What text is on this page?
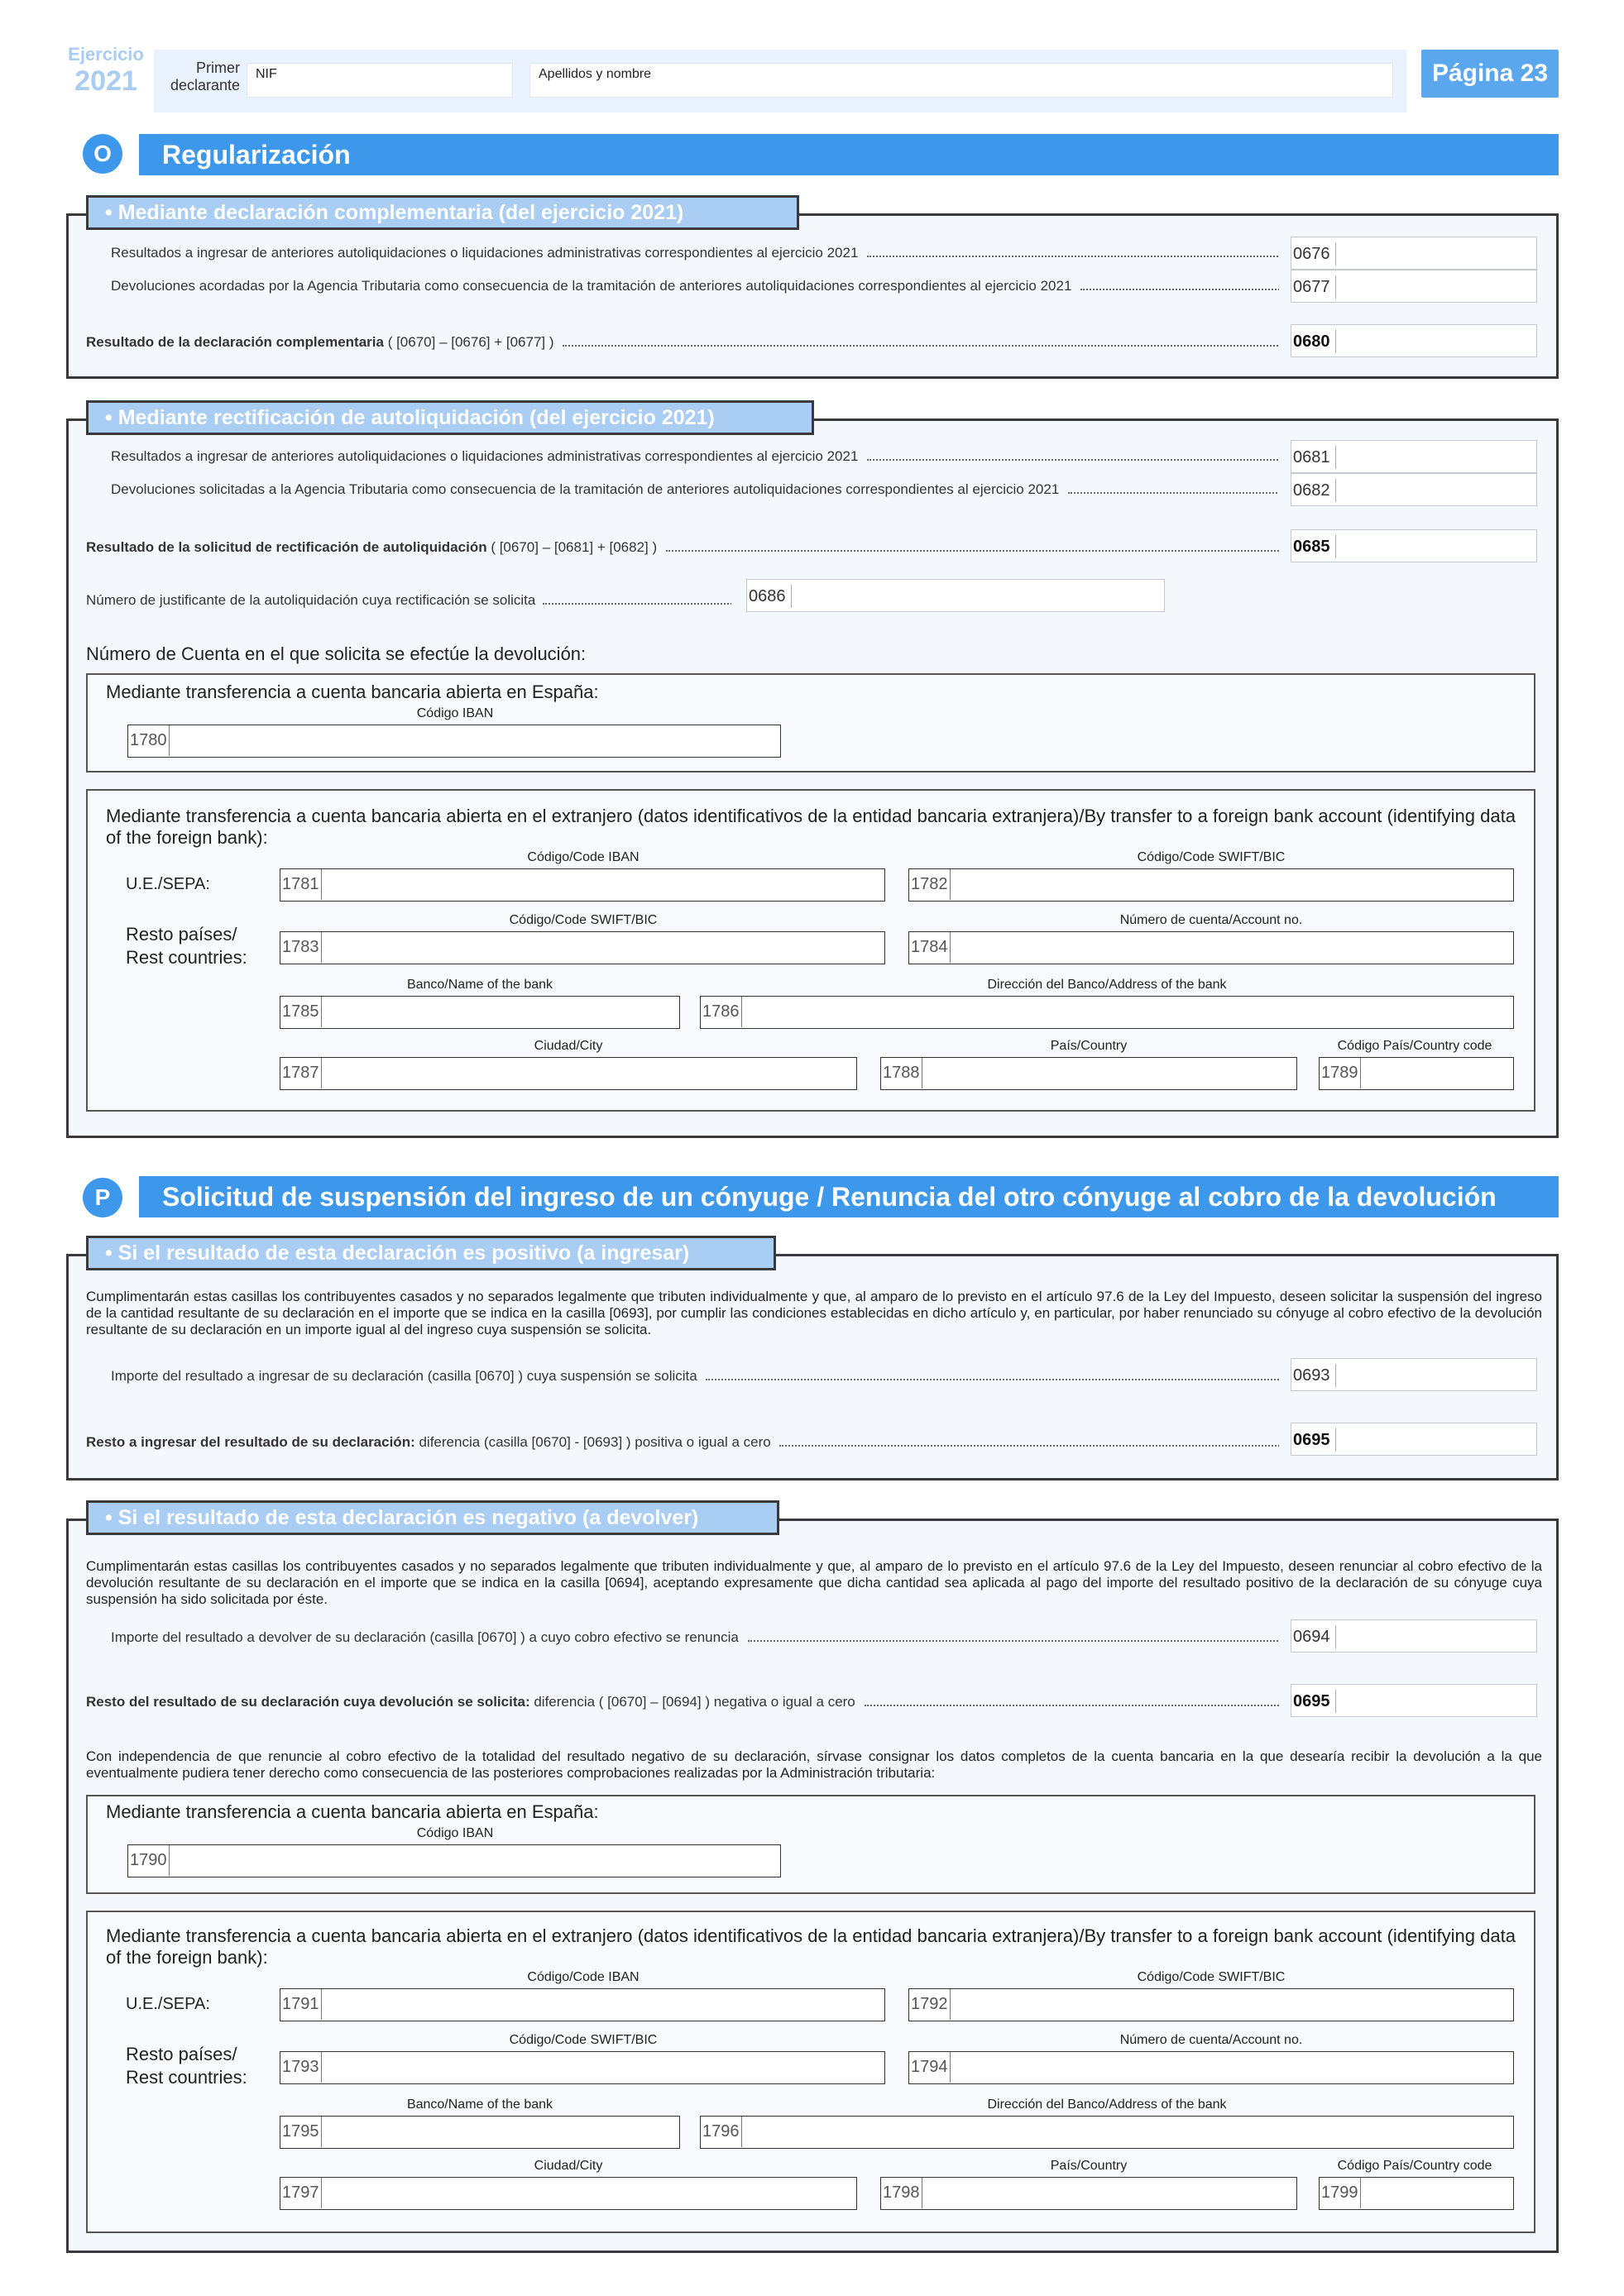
Ejercicio
2021	Primer
declarante
NIF	Apellidos y nombre	Página 23
O	Regularización
• Mediante declaración complementaria (del ejercicio 2021)
Resultados a ingresar de anteriores autoliquidaciones o liquidaciones administrativas correspondientes al ejercicio 2021	0676
Devoluciones acordadas por la Agencia Tributaria como consecuencia de la tramitación de anteriores autoliquidaciones correspondientes al ejercicio 2021	0677
Resultado de la declaración complementaria ( [0670] – [0676] + [0677] )	0680
• Mediante rectificación de autoliquidación (del ejercicio 2021)
Resultados a ingresar de anteriores autoliquidaciones o liquidaciones administrativas correspondientes al ejercicio 2021	0681
Devoluciones solicitadas a la Agencia Tributaria como consecuencia de la tramitación de anteriores autoliquidaciones correspondientes al ejercicio 2021	0682
Resultado de la solicitud de rectificación de autoliquidación ( [0670] – [0681] + [0682] )	0685
Número de justificante de la autoliquidación cuya rectificación se solicita	0686
Número de Cuenta en el que solicita se efectúe la devolución:
Mediante transferencia a cuenta bancaria abierta en España:
Código IBAN
1780
Mediante transferencia a cuenta bancaria abierta en el extranjero (datos identificativos de la entidad bancaria extranjera)/By transfer to a foreign bank account (identifying data of the foreign bank):
Código/Code IBAN	Código/Code SWIFT/BIC
U.E./SEPA:	1781	1782
Código/Code SWIFT/BIC	Número de cuenta/Account no.
Resto países/
Rest countries: 1783	1784
Banco/Name of the bank	Dirección del Banco/Address of the bank
1785	1786
Ciudad/City	País/Country	Código País/Country code
1787	1788	1789
P	Solicitud de suspensión del ingreso de un cónyuge / Renuncia del otro cónyuge al cobro de la devolución
• Si el resultado de esta declaración es positivo (a ingresar)
Cumplimentarán estas casillas los contribuyentes casados y no separados legalmente que tributen individualmente y que, al amparo de lo previsto en el artículo 97.6 de la Ley del Impuesto, deseen solicitar la suspensión del ingreso de la cantidad resultante de su declaración en el importe que se indica en la casilla [0693], por cumplir las condiciones establecidas en dicho artículo y, en particular, por haber renunciado su cónyuge al cobro efectivo de la devolución resultante de su declaración en un importe igual al del ingreso cuya suspensión se solicita.
Importe del resultado a ingresar de su declaración (casilla [0670] ) cuya suspensión se solicita	0693
Resto a ingresar del resultado de su declaración: diferencia (casilla [0670] - [0693] ) positiva o igual a cero	0695
• Si el resultado de esta declaración es negativo (a devolver)
Cumplimentarán estas casillas los contribuyentes casados y no separados legalmente que tributen individualmente y que, al amparo de lo previsto en el artículo 97.6 de la Ley del Impuesto, deseen renunciar al cobro efectivo de la devolución resultante de su declaración en el importe que se indica en la casilla [0694], aceptando expresamente que dicha cantidad sea aplicada al pago del importe del resultado positivo de la declaración de su cónyuge cuya suspensión ha sido solicitada por éste.
Importe del resultado a devolver de su declaración (casilla [0670] ) a cuyo cobro efectivo se renuncia	0694
Resto del resultado de su declaración cuya devolución se solicita: diferencia ( [0670] – [0694] ) negativa o igual a cero	0695
Con independencia de que renuncie al cobro efectivo de la totalidad del resultado negativo de su declaración, sírvase consignar los datos completos de la cuenta bancaria en la que desearía recibir la devolución a la que eventualmente pudiera tener derecho como consecuencia de las posteriores comprobaciones realizadas por la Administración tributaria:
Mediante transferencia a cuenta bancaria abierta en España:
Código IBAN
1790
Mediante transferencia a cuenta bancaria abierta en el extranjero (datos identificativos de la entidad bancaria extranjera)/By transfer to a foreign bank account (identifying data of the foreign bank):
Código/Code IBAN	Código/Code SWIFT/BIC
U.E./SEPA:	1791	1792
Código/Code SWIFT/BIC	Número de cuenta/Account no.
Resto países/
Rest countries: 1793	1794
Banco/Name of the bank	Dirección del Banco/Address of the bank
1795	1796
Ciudad/City	País/Country	Código País/Country code
1797	1798	1799
